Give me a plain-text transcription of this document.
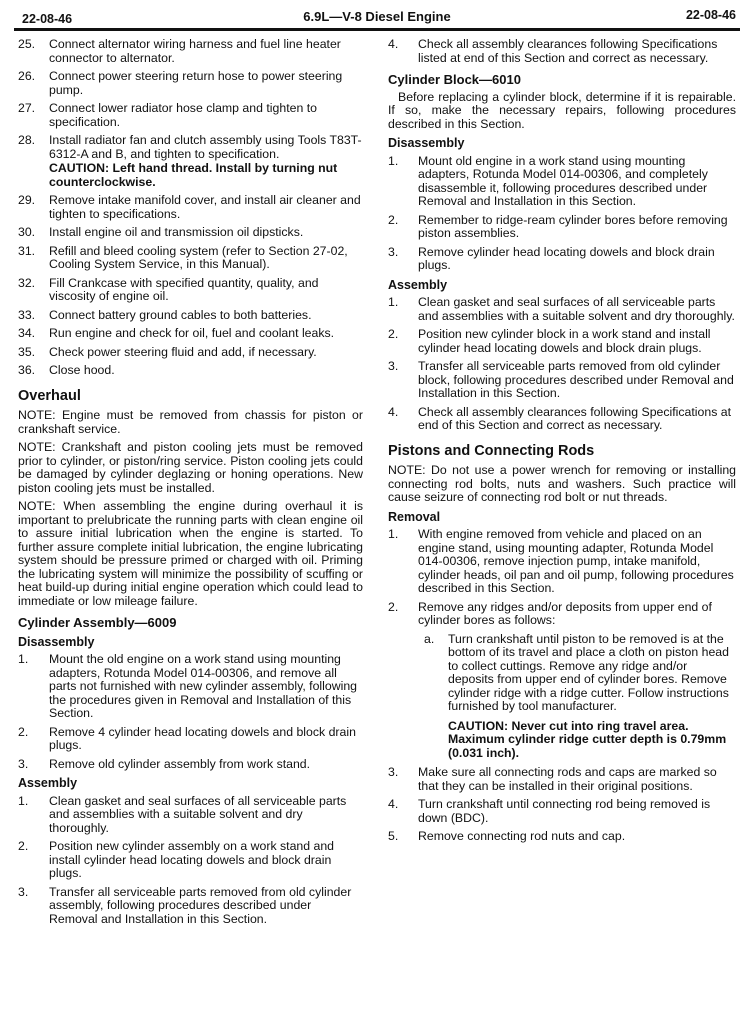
22-08-46	6.9L—V-8 Diesel Engine	22-08-46
25.	Connect alternator wiring harness and fuel line heater connector to alternator.
26.	Connect power steering return hose to power steering pump.
27.	Connect lower radiator hose clamp and tighten to specification.
28.	Install radiator fan and clutch assembly using Tools T83T-6312-A and B, and tighten to specification.
CAUTION: Left hand thread. Install by turning nut counterclockwise.
29.	Remove intake manifold cover, and install air cleaner and tighten to specifications.
30.	Install engine oil and transmission oil dipsticks.
31.	Refill and bleed cooling system (refer to Section 27-02, Cooling System Service, in this Manual).
32.	Fill Crankcase with specified quantity, quality, and viscosity of engine oil.
33.	Connect battery ground cables to both batteries.
34.	Run engine and check for oil, fuel and coolant leaks.
35.	Check power steering fluid and add, if necessary.
36.	Close hood.
Overhaul
NOTE: Engine must be removed from chassis for piston or crankshaft service.
NOTE: Crankshaft and piston cooling jets must be removed prior to cylinder, or piston/ring service. Piston cooling jets could be damaged by cylinder deglazing or honing operations. New piston cooling jets must be installed.
NOTE: When assembling the engine during overhaul it is important to prelubricate the running parts with clean engine oil to assure initial lubrication when the engine is started. To further assure complete initial lubrication, the engine lubricating system should be pressure primed or charged with oil. Priming the lubricating system will minimize the possibility of scuffing or heat build-up during initial engine operation which could lead to immediate or low mileage failure.
Cylinder Assembly—6009
Disassembly
1.	Mount the old engine on a work stand using mounting adapters, Rotunda Model 014-00306, and remove all parts not furnished with new cylinder assembly, following the procedures given in Removal and Installation of this Section.
2.	Remove 4 cylinder head locating dowels and block drain plugs.
3.	Remove old cylinder assembly from work stand.
Assembly
1.	Clean gasket and seal surfaces of all serviceable parts and assemblies with a suitable solvent and dry thoroughly.
2.	Position new cylinder assembly on a work stand and install cylinder head locating dowels and block drain plugs.
3.	Transfer all serviceable parts removed from old cylinder assembly, following procedures described under Removal and Installation in this Section.
4.	Check all assembly clearances following Specifications listed at end of this Section and correct as necessary.
Cylinder Block—6010
Before replacing a cylinder block, determine if it is repairable. If so, make the necessary repairs, following procedures described in this Section.
Disassembly
1.	Mount old engine in a work stand using mounting adapters, Rotunda Model 014-00306, and completely disassemble it, following procedures described under Removal and Installation in this Section.
2.	Remember to ridge-ream cylinder bores before removing piston assemblies.
3.	Remove cylinder head locating dowels and block drain plugs.
Assembly
1.	Clean gasket and seal surfaces of all serviceable parts and assemblies with a suitable solvent and dry thoroughly.
2.	Position new cylinder block in a work stand and install cylinder head locating dowels and block drain plugs.
3.	Transfer all serviceable parts removed from old cylinder block, following procedures described under Removal and Installation in this Section.
4.	Check all assembly clearances following Specifications at end of this Section and correct as necessary.
Pistons and Connecting Rods
NOTE: Do not use a power wrench for removing or installing connecting rod bolts, nuts and washers. Such practice will cause seizure of connecting rod bolt or nut threads.
Removal
1.	With engine removed from vehicle and placed on an engine stand, using mounting adapter, Rotunda Model 014-00306, remove injection pump, intake manifold, cylinder heads, oil pan and oil pump, following procedures described in this Section.
2.	Remove any ridges and/or deposits from upper end of cylinder bores as follows:
a.	Turn crankshaft until piston to be removed is at the bottom of its travel and place a cloth on piston head to collect cuttings. Remove any ridge and/or deposits from upper end of cylinder bores. Remove cylinder ridge with a ridge cutter. Follow instructions furnished by tool manufacturer.
CAUTION: Never cut into ring travel area. Maximum cylinder ridge cutter depth is 0.79mm (0.031 inch).
3.	Make sure all connecting rods and caps are marked so that they can be installed in their original positions.
4.	Turn crankshaft until connecting rod being removed is down (BDC).
5.	Remove connecting rod nuts and cap.
